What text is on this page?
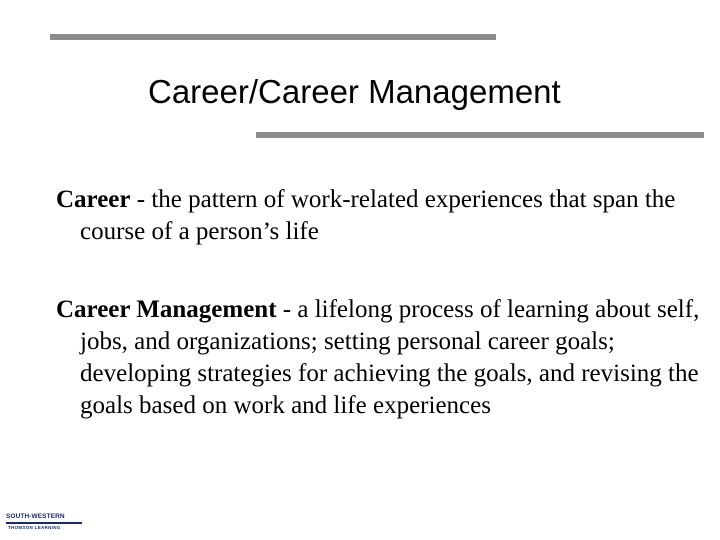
Career/Career Management

Career - the pattern of work-related experiences that span the course of a person’s life

Career Management - a lifelong process of learning about self, jobs, and organizations; setting personal career goals; developing strategies for achieving the goals, and revising the goals based on work and life experiences

SOUTH-WESTERN
THOMSON LEARNING
